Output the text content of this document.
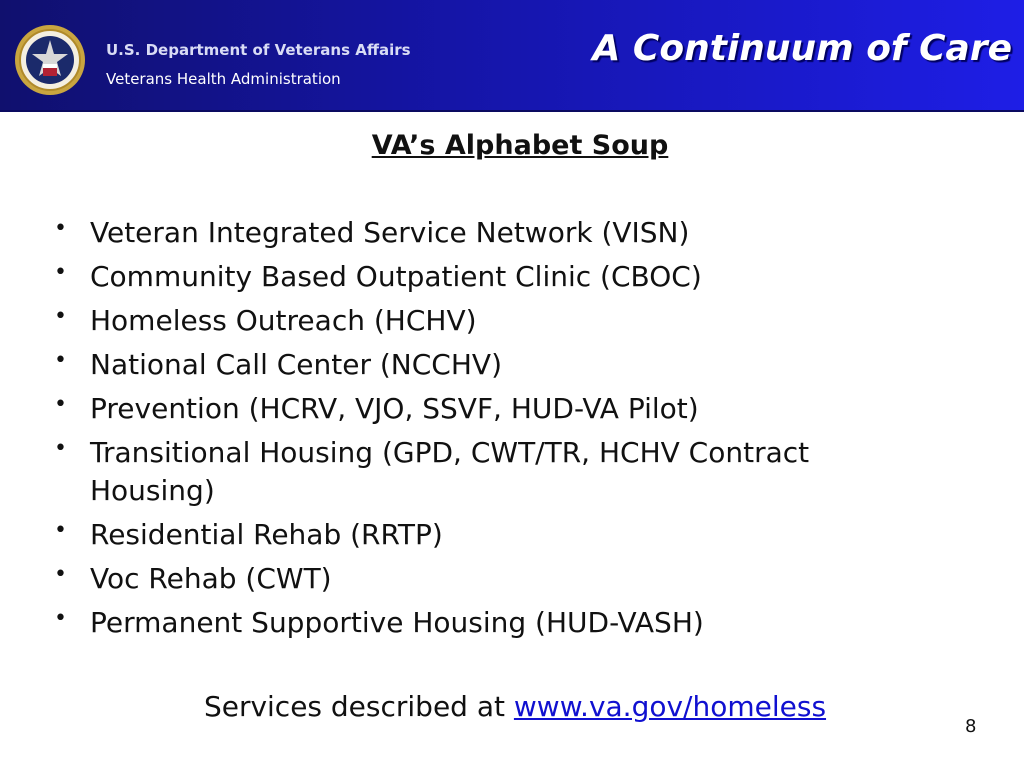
U.S. Department of Veterans Affairs
Veterans Health Administration
A Continuum of Care
VA’s Alphabet Soup
• Veteran Integrated Service Network (VISN)
• Community Based Outpatient Clinic (CBOC)
• Homeless Outreach (HCHV)
• National Call Center (NCCHV)
• Prevention (HCRV, VJO, SSVF, HUD-VA Pilot)
• Transitional Housing (GPD, CWT/TR, HCHV Contract Housing)
• Residential Rehab (RRTP)
• Voc Rehab (CWT)
• Permanent Supportive Housing (HUD-VASH)
Services described at www.va.gov/homeless
8
